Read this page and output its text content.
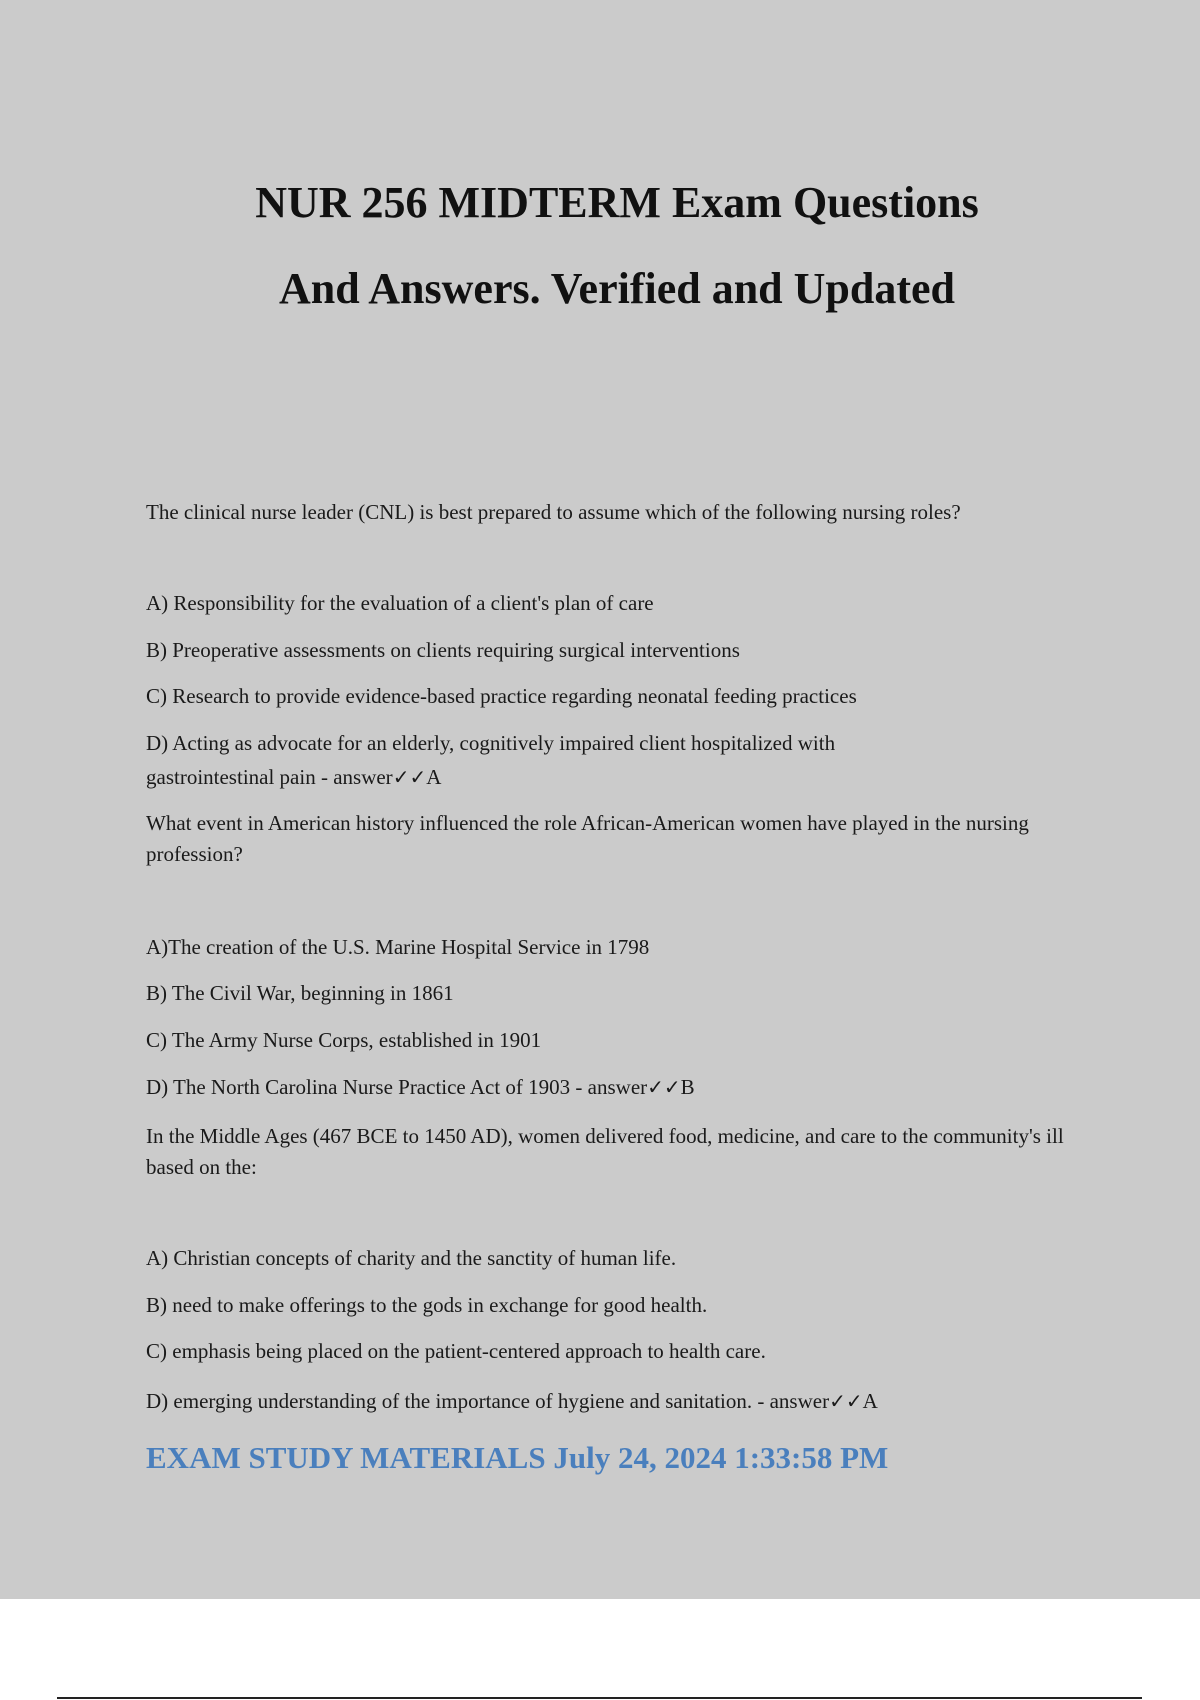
NUR 256 MIDTERM Exam Questions
And Answers. Verified and Updated

The clinical nurse leader (CNL) is best prepared to assume which of the following nursing roles?

A) Responsibility for the evaluation of a client's plan of care

B) Preoperative assessments on clients requiring surgical interventions

C) Research to provide evidence-based practice regarding neonatal feeding practices

D) Acting as advocate for an elderly, cognitively impaired client hospitalized with

gastrointestinal pain - answer✓✓A

What event in American history influenced the role African-American women have played in the nursing profession?

A)The creation of the U.S. Marine Hospital Service in 1798

B) The Civil War, beginning in 1861

C) The Army Nurse Corps, established in 1901

D) The North Carolina Nurse Practice Act of 1903 - answer✓✓B

In the Middle Ages (467 BCE to 1450 AD), women delivered food, medicine, and care to the community's ill based on the:

A) Christian concepts of charity and the sanctity of human life.

B) need to make offerings to the gods in exchange for good health.

C) emphasis being placed on the patient-centered approach to health care.

D) emerging understanding of the importance of hygiene and sanitation. - answer✓✓A

EXAM STUDY MATERIALS July 24, 2024 1:33:58 PM
